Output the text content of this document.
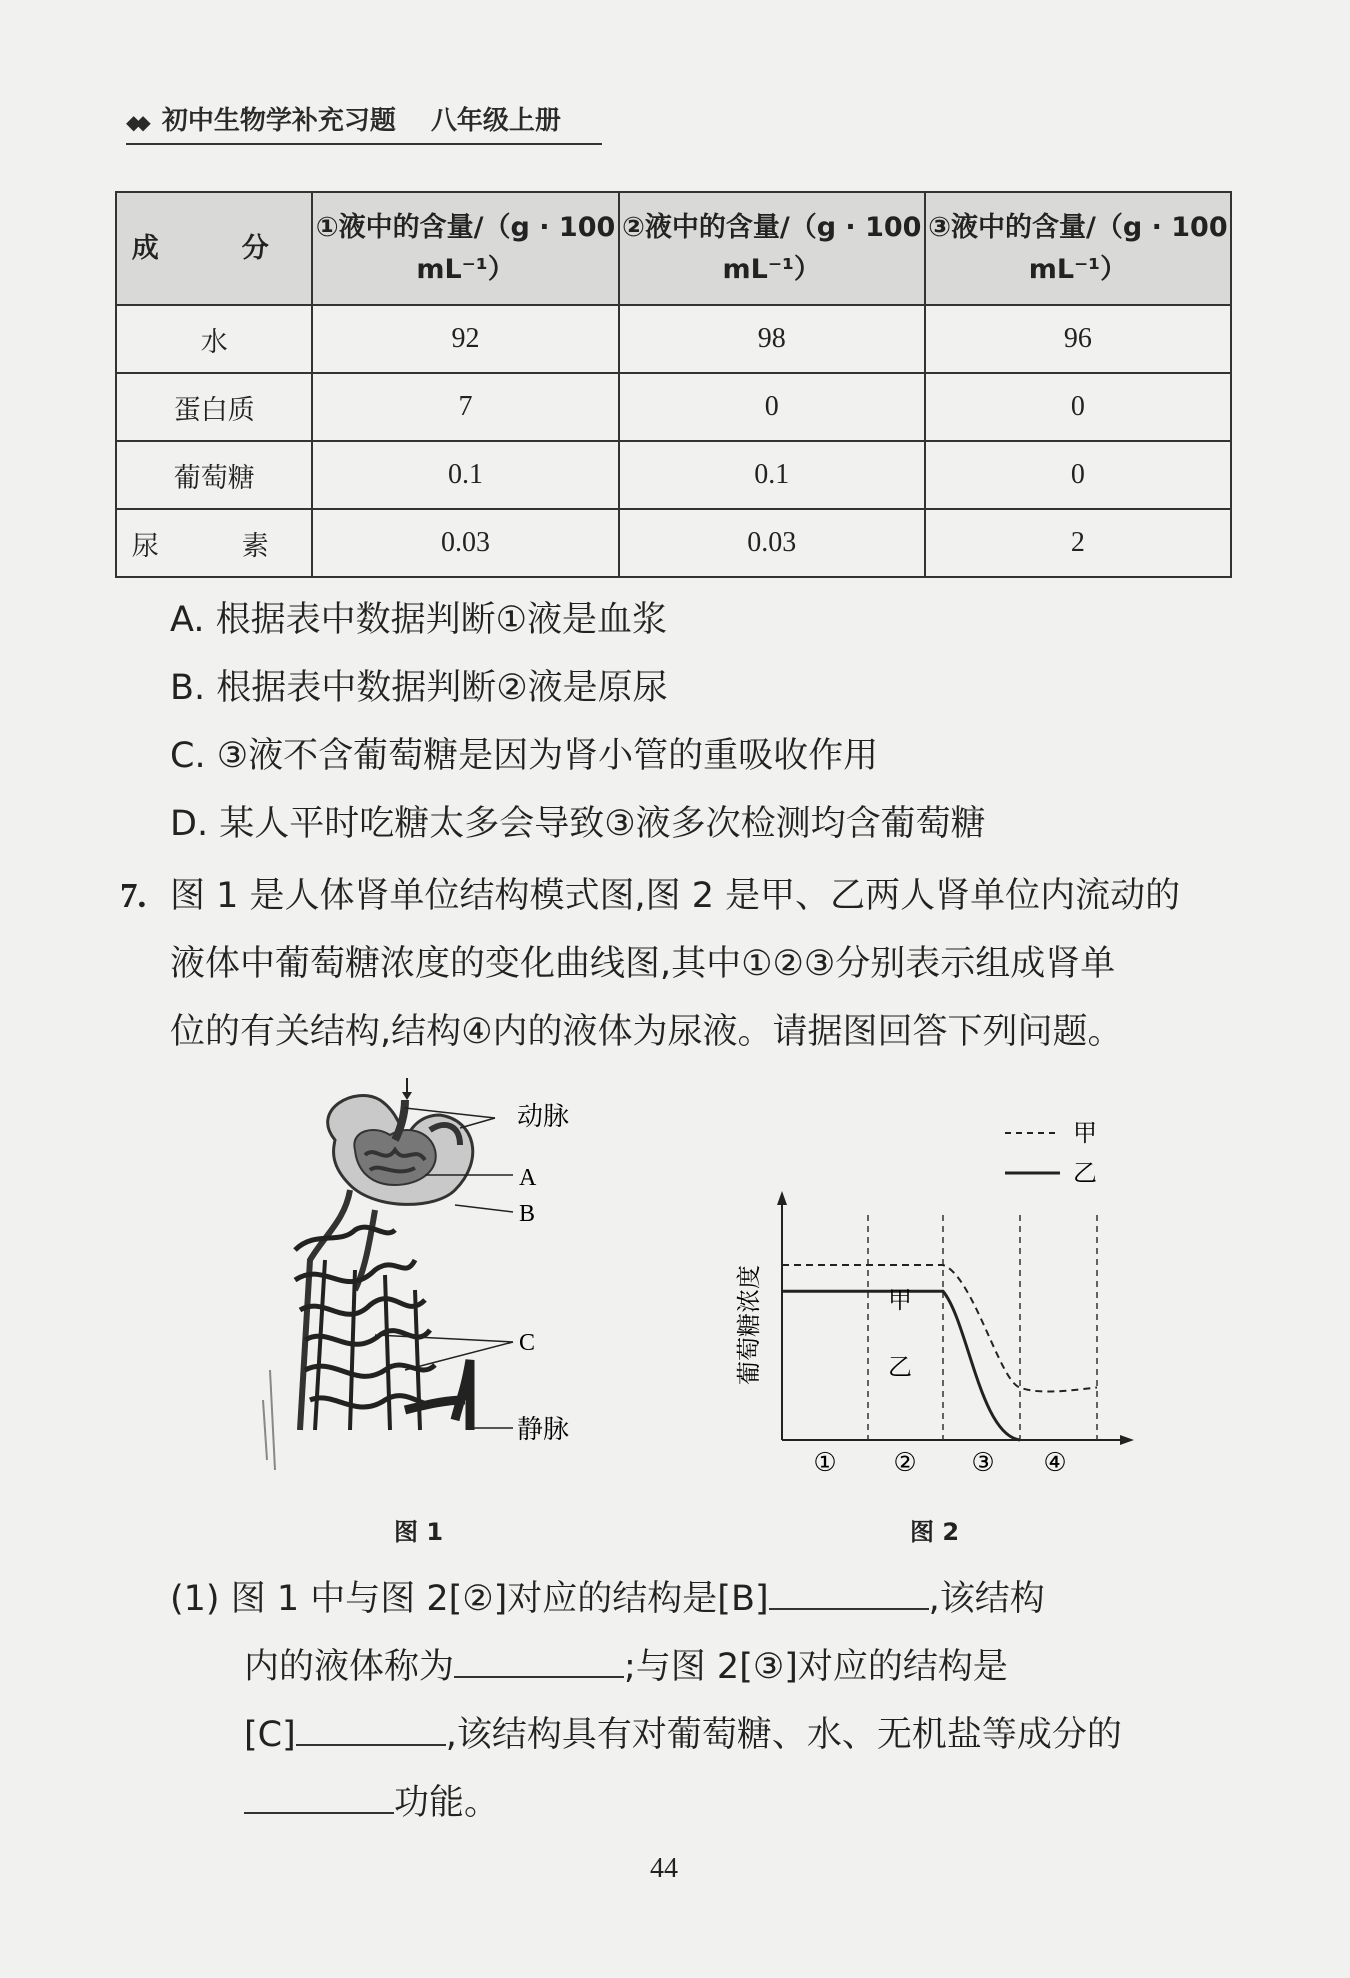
◆◆ 初中生物学补充习题 八年级上册
成　分	①液中的含量/（g · 100 mL⁻¹）	②液中的含量/（g · 100 mL⁻¹）	③液中的含量/（g · 100 mL⁻¹）
水	92	98	96
蛋白质	7	0	0
葡萄糖	0.1	0.1	0
尿　素	0.03	0.03	2
A. 根据表中数据判断①液是血浆
B. 根据表中数据判断②液是原尿
C. ③液不含葡萄糖是因为肾小管的重吸收作用
D. 某人平时吃糖太多会导致③液多次检测均含葡萄糖
7. 图 1 是人体肾单位结构模式图,图 2 是甲、乙两人肾单位内流动的
液体中葡萄糖浓度的变化曲线图,其中①②③分别表示组成肾单
位的有关结构,结构④内的液体为尿液。请据图回答下列问题。
动脉
A
B
C
静脉
图 1
甲
乙
甲
乙
葡萄糖浓度
① ② ③ ④
图 2
(1) 图 1 中与图 2[②]对应的结构是[B]	,该结构
内的液体称为	;与图 2[③]对应的结构是
[C]	,该结构具有对葡萄糖、水、无机盐等成分的
功能。
44
